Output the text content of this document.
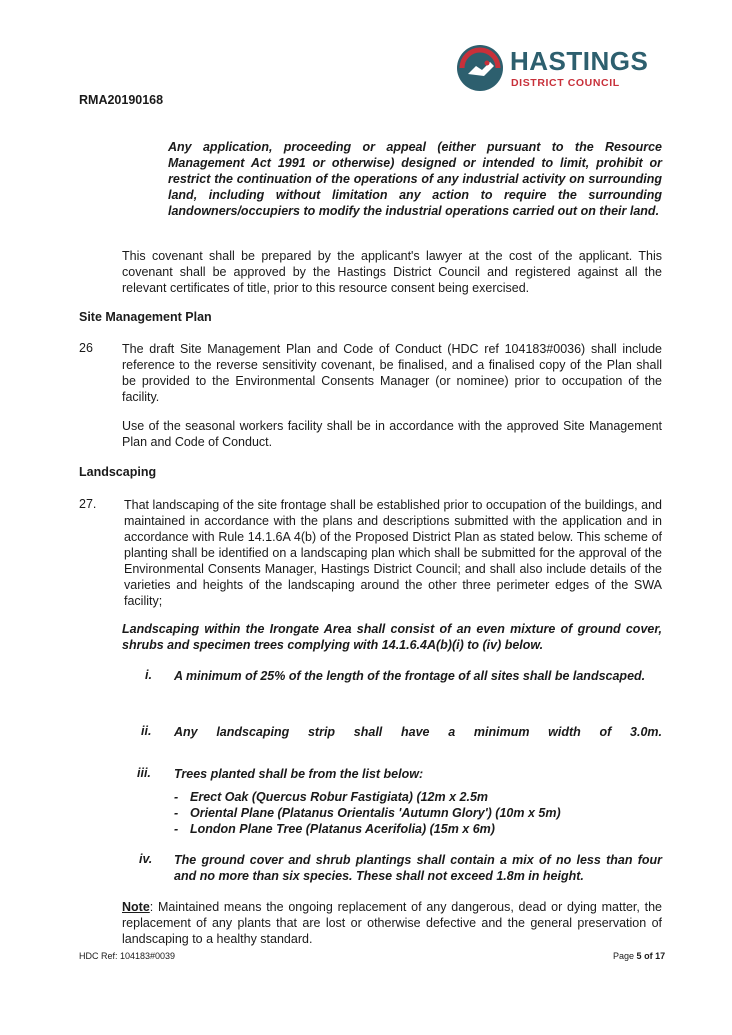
HASTINGS
DISTRICT COUNCIL
RMA20190168
Any application, proceeding or appeal (either pursuant to the Resource Management Act 1991 or otherwise) designed or intended to limit, prohibit or restrict the continuation of the operations of any industrial activity on surrounding land, including without limitation any action to require the surrounding landowners/occupiers to modify the industrial operations carried out on their land.
This covenant shall be prepared by the applicant's lawyer at the cost of the applicant. This covenant shall be approved by the Hastings District Council and registered against all the relevant certificates of title, prior to this resource consent being exercised.
Site Management Plan
26 The draft Site Management Plan and Code of Conduct (HDC ref 104183#0036) shall include reference to the reverse sensitivity covenant, be finalised, and a finalised copy of the Plan shall be provided to the Environmental Consents Manager (or nominee) prior to occupation of the facility.
Use of the seasonal workers facility shall be in accordance with the approved Site Management Plan and Code of Conduct.
Landscaping
27. That landscaping of the site frontage shall be established prior to occupation of the buildings, and maintained in accordance with the plans and descriptions submitted with the application and in accordance with Rule 14.1.6A 4(b) of the Proposed District Plan as stated below. This scheme of planting shall be identified on a landscaping plan which shall be submitted for the approval of the Environmental Consents Manager, Hastings District Council; and shall also include details of the varieties and heights of the landscaping around the other three perimeter edges of the SWA facility;
Landscaping within the Irongate Area shall consist of an even mixture of ground cover, shrubs and specimen trees complying with 14.1.6.4A(b)(i) to (iv) below.
i. A minimum of 25% of the length of the frontage of all sites shall be landscaped.
ii. Any landscaping strip shall have a minimum width of 3.0m.
iii. Trees planted shall be from the list below:
-
-
-
Erect Oak (Quercus Robur Fastigiata) (12m x 2.5m
Oriental Plane (Platanus Orientalis 'Autumn Glory') (10m x 5m)
London Plane Tree (Platanus Acerifolia) (15m x 6m)
iv. The ground cover and shrub plantings shall contain a mix of no less than four and no more than six species. These shall not exceed 1.8m in height.
Note: Maintained means the ongoing replacement of any dangerous, dead or dying matter, the replacement of any plants that are lost or otherwise defective and the general preservation of landscaping to a healthy standard.
HDC Ref: 104183#0039	Page 5 of 17
